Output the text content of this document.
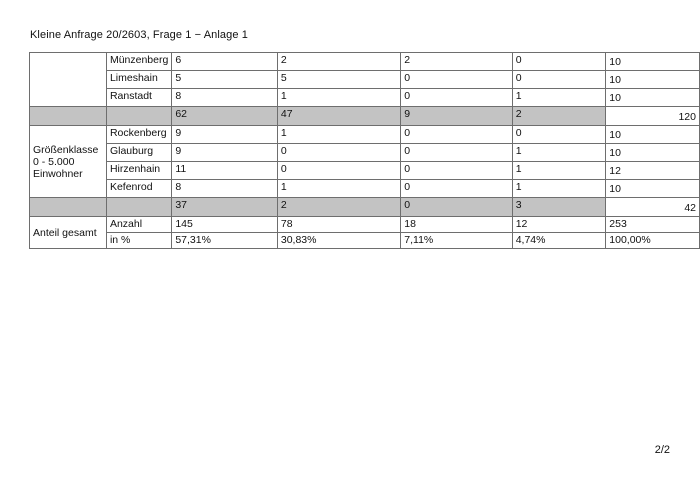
Kleine Anfrage 20/2603, Frage 1 − Anlage 1
	Münzenberg	6	2	2	0	10
	Limeshain	5	5	0	0	10
	Ranstadt	8	1	0	1	10
		62	47	9	2	120
Größenklasse 0 - 5.000 Einwohner	Rockenberg	9	1	0	0	10
	Glauburg	9	0	0	1	10
	Hirzenhain	11	0	0	1	12
	Kefenrod	8	1	0	1	10
		37	2	0	3	42
Anteil gesamt	Anzahl	145	78	18	12	253
	in %	57,31%	30,83%	7,11%	4,74%	100,00%
2/2
